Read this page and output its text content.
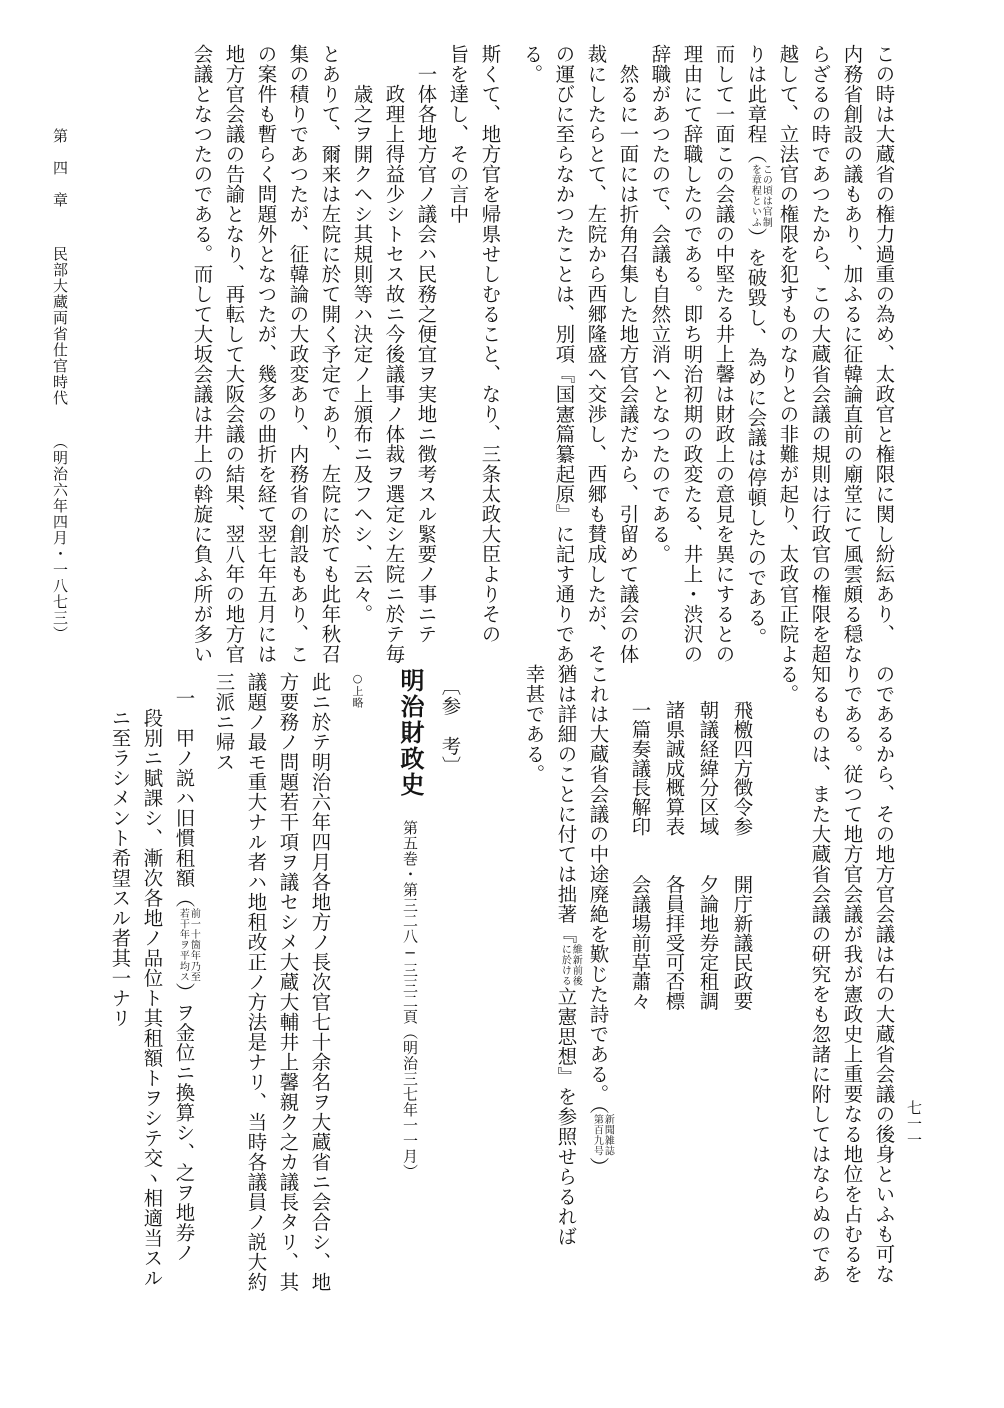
この時は大蔵省の権力過重の為め、太政官と権限に関し紛紜あり、
内務省創設の議もあり、加ふるに征韓論直前の廟堂にて風雲頗る穏な
らざるの時であつたから、この大蔵省会議の規則は行政官の権限を超
越して、立法官の権限を犯すものなりとの非難が起り、太政官正院よ
りは此章程（この頃は官制
を章程といふ）を破毀し、為めに会議は停頓したのである。
而して一面この会議の中堅たる井上馨は財政上の意見を異にするとの
理由にて辞職したのである。即ち明治初期の政変たる、井上・渋沢の
辞職があつたので、会議も自然立消へとなつたのである。
然るに一面には折角召集した地方官会議だから、引留めて議会の体
裁にしたらとて、左院から西郷隆盛へ交渉し、西郷も賛成したが、そ
の運びに至らなかつたことは、別項『国憲篇纂起原』に記す通りであ
る。
斯くて、地方官を帰県せしむること、なり、三条太政大臣よりその
旨を達し、その言中
一体各地方官ノ議会ハ民務之便宜ヲ実地ニ徴考スル緊要ノ事ニテ
政理上得益少シトセス故ニ今後議事ノ体裁ヲ選定シ左院ニ於テ毎
歳之ヲ開クヘシ其規則等ハ決定ノ上頒布ニ及フヘシ、云々。
とありて、爾来は左院に於て開く予定であり、左院に於ても此年秋召
集の積りであつたが、征韓論の大政変あり、内務省の創設もあり、こ
の案件も暫らく問題外となつたが、幾多の曲折を経て翌七年五月には
地方官会議の告諭となり、再転して大阪会議の結果、翌八年の地方官
会議となつたのである。而して大坂会議は井上の斡旋に負ふ所が多い
第　四　章
民部大蔵両省仕官時代
（明治六年四月・一八七三）
のであるから、その地方官会議は右の大蔵省会議の後身といふも可な
りである。従つて地方官会議が我が憲政史上重要なる地位を占むるを
知るものは、また大蔵省会議の研究をも忽諸に附してはならぬのであ
る。
飛檄四方徴令参　　開庁新議民政要
朝議経緯分区域　　夕論地券定租調
諸県誠成概算表　　各員拝受可否標
一篇奏議長解印　　会議場前草蕭々
これは大蔵省会議の中途廃絶を歎じた詩である。（新聞雑誌
第百九号）
猶は詳細のことに付ては拙著『維新前後
に於ける立憲思想』を参照せらるれば
幸甚である。
〔参　考〕
明治財政史
第五巻・第三二八─三三二頁（明治三七年一一月）
○上略
此ニ於テ明治六年四月各地方ノ長次官七十余名ヲ大蔵省ニ会合シ、地
方要務ノ問題若干項ヲ議セシメ大蔵大輔井上馨親ク之カ議長タリ、其
議題ノ最モ重大ナル者ハ地租改正ノ方法是ナリ、当時各議員ノ説大約
三派ニ帰ス
一　甲ノ説ハ旧慣租額（前一十箇年乃至
若干年ヲ平均ス）ヲ金位ニ換算シ、之ヲ地券ノ
段別ニ賦課シ、漸次各地ノ品位ト其租額トヲシテ交ヽ相適当スル
ニ至ラシメント希望スル者其一ナリ
七一一
